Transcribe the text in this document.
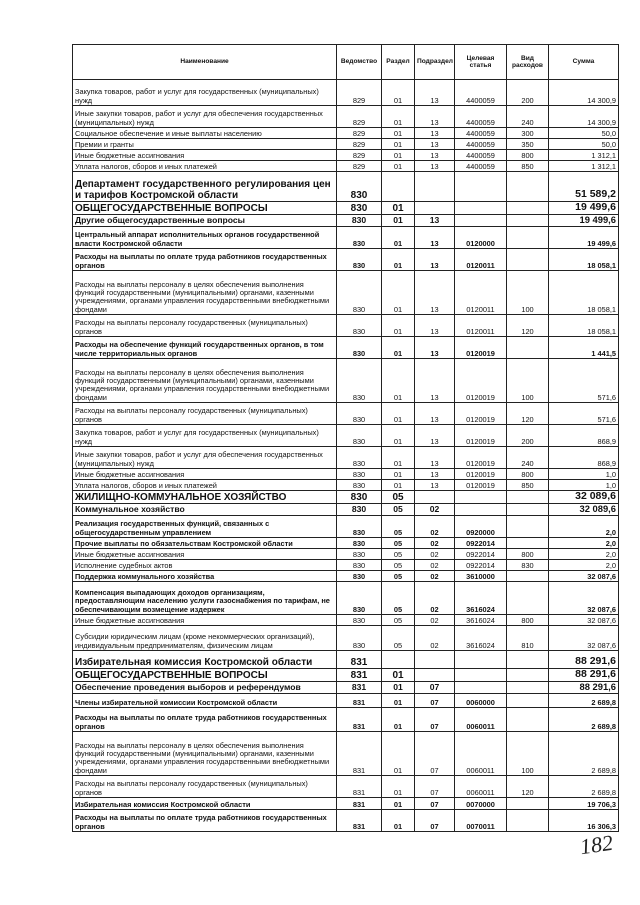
Наименование	Ведомство	Раздел	Подраздел	Целевая статья	Вид расходов	Сумма
Закупка товаров, работ и услуг для государственных (муниципальных) нужд	829	01	13	4400059	200	14 300,9
Иные закупки товаров, работ и услуг для обеспечения государственных (муниципальных) нужд	829	01	13	4400059	240	14 300,9
Социальное обеспечение и иные выплаты населению	829	01	13	4400059	300	50,0
Премии и гранты	829	01	13	4400059	350	50,0
Иные бюджетные ассигнования	829	01	13	4400059	800	1 312,1
Уплата налогов, сборов и иных платежей	829	01	13	4400059	850	1 312,1
Департамент государственного регулирования цен и тарифов Костромской области	830					51 589,2
ОБЩЕГОСУДАРСТВЕННЫЕ ВОПРОСЫ	830	01				19 499,6
Другие общегосударственные вопросы	830	01	13			19 499,6
Центральный аппарат исполнительных органов государственной власти Костромской области	830	01	13	0120000		19 499,6
Расходы на выплаты по оплате труда работников государственных органов	830	01	13	0120011		18 058,1
Расходы на выплаты персоналу в целях обеспечения выполнения функций государственными (муниципальными) органами, казенными учреждениями, органами управления государственными внебюджетными фондами	830	01	13	0120011	100	18 058,1
Расходы на выплаты персоналу государственных (муниципальных) органов	830	01	13	0120011	120	18 058,1
Расходы на обеспечение функций государственных органов, в том числе территориальных органов	830	01	13	0120019		1 441,5
Расходы на выплаты персоналу в целях обеспечения выполнения функций государственными (муниципальными) органами, казенными учреждениями, органами управления государственными внебюджетными фондами	830	01	13	0120019	100	571,6
Расходы на выплаты персоналу государственных (муниципальных) органов	830	01	13	0120019	120	571,6
Закупка товаров, работ и услуг для государственных (муниципальных) нужд	830	01	13	0120019	200	868,9
Иные закупки товаров, работ и услуг для обеспечения государственных (муниципальных) нужд	830	01	13	0120019	240	868,9
Иные бюджетные ассигнования	830	01	13	0120019	800	1,0
Уплата налогов, сборов и иных платежей	830	01	13	0120019	850	1,0
ЖИЛИЩНО-КОММУНАЛЬНОЕ ХОЗЯЙСТВО	830	05				32 089,6
Коммунальное хозяйство	830	05	02			32 089,6
Реализация государственных функций, связанных с общегосударственным управлением	830	05	02	0920000		2,0
Прочие выплаты по обязательствам Костромской области	830	05	02	0922014		2,0
Иные бюджетные ассигнования	830	05	02	0922014	800	2,0
Исполнение судебных актов	830	05	02	0922014	830	2,0
Поддержка коммунального хозяйства	830	05	02	3610000		32 087,6
Компенсация выпадающих доходов организациям, предоставляющим населению услуги газоснабжения по тарифам, не обеспечивающим возмещение издержек	830	05	02	3616024		32 087,6
Иные бюджетные ассигнования	830	05	02	3616024	800	32 087,6
Субсидии юридическим лицам (кроме некоммерческих организаций), индивидуальным предпринимателям, физическим лицам	830	05	02	3616024	810	32 087,6
Избирательная комиссия Костромской области	831					88 291,6
ОБЩЕГОСУДАРСТВЕННЫЕ ВОПРОСЫ	831	01				88 291,6
Обеспечение проведения выборов и референдумов	831	01	07			88 291,6
Члены избирательной комиссии Костромской области	831	01	07	0060000		2 689,8
Расходы на выплаты по оплате труда работников государственных органов	831	01	07	0060011		2 689,8
Расходы на выплаты персоналу в целях обеспечения выполнения функций государственными (муниципальными) органами, казенными учреждениями, органами управления государственными внебюджетными фондами	831	01	07	0060011	100	2 689,8
Расходы на выплаты персоналу государственных (муниципальных) органов	831	01	07	0060011	120	2 689,8
Избирательная комиссия Костромской области	831	01	07	0070000		19 706,3
Расходы на выплаты по оплате труда работников государственных органов	831	01	07	0070011		16 306,3
182
